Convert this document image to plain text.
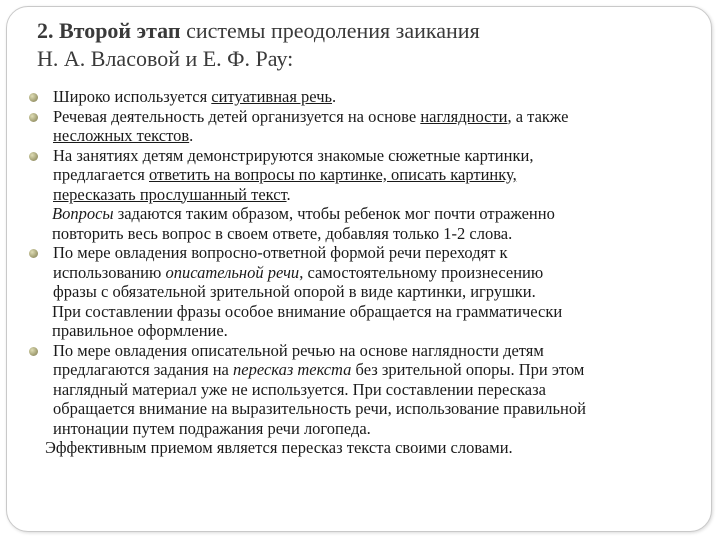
2. Второй этап системы преодоления заикания
Н. А. Власовой и Е. Ф. Рау:
Широко используется ситуативная речь.
Речевая деятельность детей организуется на основе наглядности, а также
несложных текстов.
На занятиях детям демонстрируются знакомые сюжетные картинки,
предлагается ответить на вопросы по картинке, описать картинку,
пересказать прослушанный текст.
Вопросы задаются таким образом, чтобы ребенок мог почти отраженно
повторить весь вопрос в своем ответе, добавляя только 1-2 слова.
По мере овладения вопросно-ответной формой речи переходят к
использованию описательной речи, самостоятельному произнесению
фразы с обязательной зрительной опорой в виде картинки, игрушки.
При составлении фразы особое внимание обращается на грамматически
правильное оформление.
По мере овладения описательной речью на основе наглядности детям
предлагаются задания на пересказ текста без зрительной опоры. При этом
наглядный материал уже не используется. При составлении пересказа
обращается внимание на выразительность речи, использование правильной
интонации путем подражания речи логопеда.
Эффективным приемом является пересказ текста своими словами.
